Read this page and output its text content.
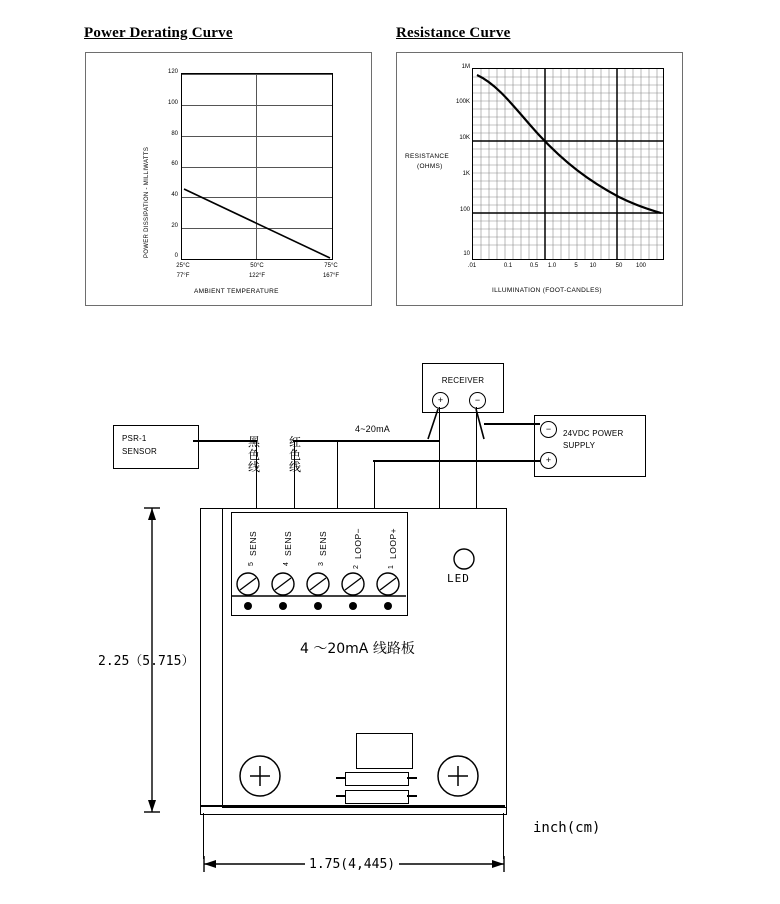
Power Derating Curve	Resistance Curve
120
100
80
60
40
20
0
25°C	50°C	75°C
77°F	122°F	167°F
POWER DISSIPATION - MILLIWATTS
AMBIENT TEMPERATURE
1M
100K
10K
1K
100
10
.01	0.1	0.5	1.0	5	10	50	100
RESISTANCE
(OHMS)
ILLUMINATION (FOOT-CANDLES)
RECEIVER
+	−
24VDC POWER
SUPPLY
−
+
PSR-1
SENSOR
4~20mA
黑色线
红色线
SENS
5
SENS
4
SENS
3
LOOP−
2
LOOP+
1
LED
4 ～20mA 线路板
2.25（5.715）
1.75(4,445)
inch(cm)
